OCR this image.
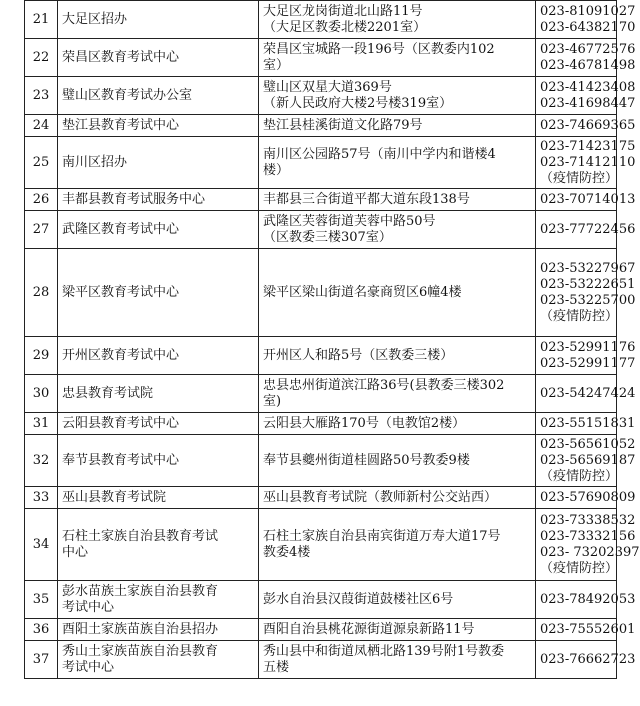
21	大足区招办	大足区龙岗街道北山路11号
（大足区教委北楼2201室）	023-81091027
023-64382170

22	荣昌区教育考试中心	荣昌区宝城路一段196号（区教委内102
室）	023-46772576
023-46781498

23	璧山区教育考试办公室	璧山区双星大道369号
（新人民政府大楼2号楼319室）	023-41423408
023-41698447

24	垫江县教育考试中心	垫江县桂溪街道文化路79号	023-74669365

25	南川区招办	南川区公园路57号（南川中学内和谐楼4
楼）	023-71423175
023-71412110
（疫情防控）

26	丰都县教育考试服务中心	丰都县三合街道平都大道东段138号	023-70714013

27	武隆区教育考试中心	武隆区芙蓉街道芙蓉中路50号
（区教委三楼307室）	023-77722456

28	梁平区教育考试中心	梁平区梁山街道名豪商贸区6幢4楼	023-53227967
023-53222651
023-53225700
（疫情防控）

29	开州区教育考试中心	开州区人和路5号（区教委三楼）	023-52991176
023-52991177

30	忠县教育考试院	忠县忠州街道滨江路36号(县教委三楼302
室)	023-54247424

31	云阳县教育考试中心	云阳县大雁路170号（电教馆2楼）	023-55151831

32	奉节县教育考试中心	奉节县夔州街道桂圆路50号教委9楼	023-56561052
023-56569187
（疫情防控）

33	巫山县教育考试院	巫山县教育考试院（教师新村公交站西）	023-57690809

34	石柱土家族自治县教育考试
中心	石柱土家族自治县南宾街道万寿大道17号
教委4楼	023-73338532
023-73332156
023- 73202397
（疫情防控）

35	彭水苗族土家族自治县教育
考试中心	彭水自治县汉葭街道鼓楼社区6号	023-78492053

36	酉阳土家族苗族自治县招办	酉阳自治县桃花源街道源泉新路11号	023-75552601

37	秀山土家族苗族自治县教育
考试中心	秀山县中和街道凤栖北路139号附1号教委
五楼	023-76662723
